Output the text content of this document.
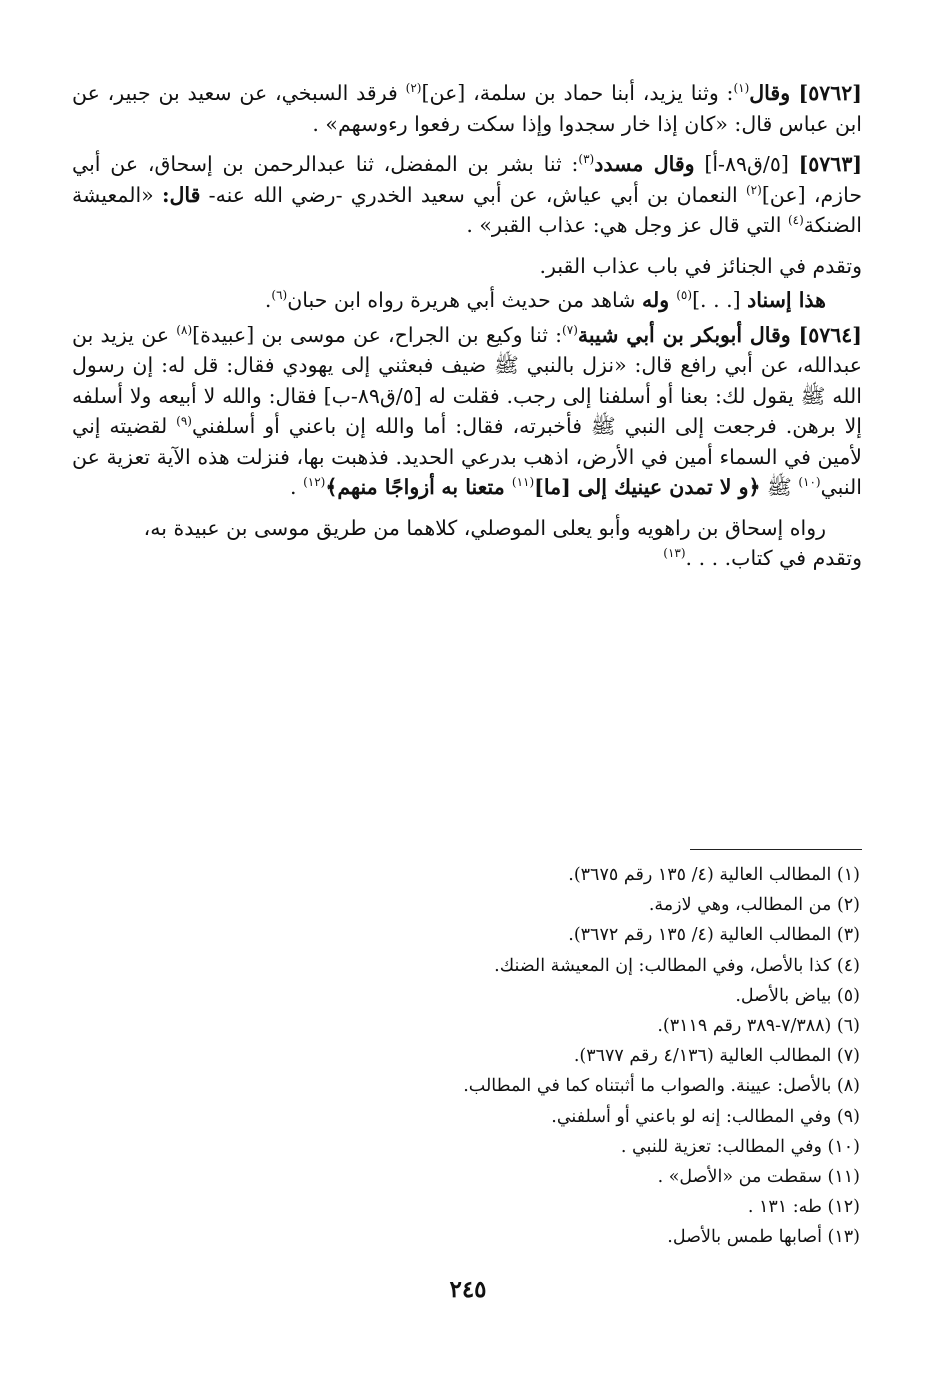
[٥٧٦٢] وقال$^{(١)}$: وثنا يزيد، أبنا حماد بن سلمة، [عن]$^{(٢)}$ فرقد السبخي، عن سعيد بن جبير، عن ابن عباس قال: «كان إذا خار سجدوا وإذا سكت رفعوا رءوسهم» .
[٥٧٦٣] [٥/ق٨٩-أ] وقال مسدد$^{(٣)}$: ثنا بشر بن المفضل، ثنا عبدالرحمن بن إسحاق، عن أبي حازم، [عن]$^{(٢)}$ النعمان بن أبي عياش، عن أبي سعيد الخدري -رضي الله عنه- قال: «المعيشة الضنكة$^{(٤)}$ التي قال عز وجل هي: عذاب القبر» .
وتقدم في الجنائز في باب عذاب القبر.
هذا إسناد [. . .]$^{(٥)}$ وله شاهد من حديث أبي هريرة رواه ابن حبان$^{(٦)}$.
[٥٧٦٤] وقال أبوبكر بن أبي شيبة$^{(٧)}$: ثنا وكيع بن الجراح، عن موسى بن [عبيدة]$^{(٨)}$ عن يزيد بن عبدالله، عن أبي رافع قال: «نزل بالنبي ﷺ ضيف فبعثني إلى يهودي فقال: قل له: إن رسول الله ﷺ يقول لك: بعنا أو أسلفنا إلى رجب. فقلت له [٥/ق٨٩-ب] فقال: والله لا أبيعه ولا أسلفه إلا برهن. فرجعت إلى النبي ﷺ فأخبرته، فقال: أما والله إن باعني أو أسلفني$^{(٩)}$ لقضيته إني لأمين في السماء أمين في الأرض، اذهب بدرعي الحديد. فذهبت بها، فنزلت هذه الآية تعزية عن النبي$^{(١٠)}$ ﷺ ﴿و لا تمدن عينيك إلى [ما]$^{(١١)}$ متعنا به أزواجًا منهم﴾$^{(١٢)}$ .
رواه إسحاق بن راهويه وأبو يعلى الموصلي، كلاهما من طريق موسى بن عبيدة به،
وتقدم في كتاب. . . .$^{(١٣)}$
(١) المطالب العالية (٤/ ١٣٥ رقم ٣٦٧٥).
(٢) من المطالب، وهي لازمة.
(٣) المطالب العالية (٤/ ١٣٥ رقم ٣٦٧٢).
(٤) كذا بالأصل، وفي المطالب: إن المعيشة الضنك.
(٥) بياض بالأصل.
(٦) (٧/٣٨٨-٣٨٩ رقم ٣١١٩).
(٧) المطالب العالية (٤/١٣٦ رقم ٣٦٧٧).
(٨) بالأصل: عيينة. والصواب ما أثبتناه كما في المطالب.
(٩) وفي المطالب: إنه لو باعني أو أسلفني.
(١٠) وفي المطالب: تعزية للنبي .
(١١) سقطت من «الأصل» .
(١٢) طه: ١٣١ .
(١٣) أصابها طمس بالأصل.
٢٤٥
